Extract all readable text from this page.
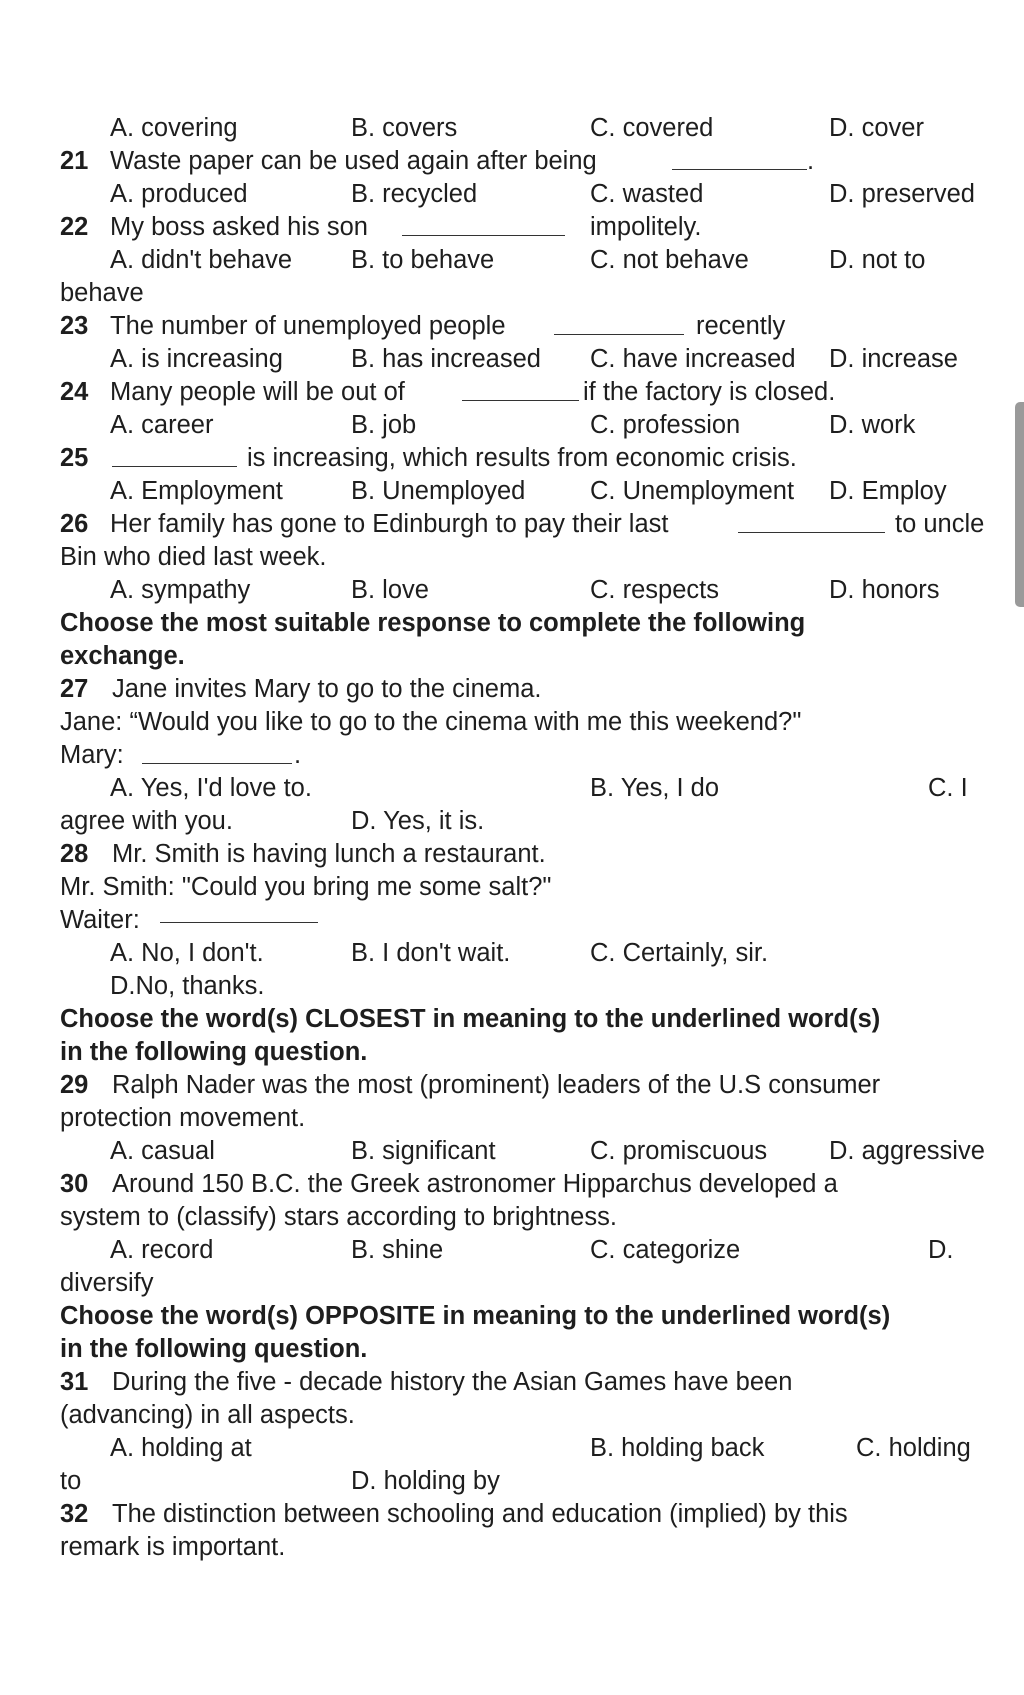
A. covering	B. covers	C. covered	D. cover
21 Waste paper can be used again after being	.
A. produced	B. recycled	C. wasted	D. preserved
22 My boss asked his son	impolitely.
A. didn't behave B. to behave	C. not behave	D. not to
behave
23 The number of unemployed people	recently
A. is increasing	B. has increased C. have increased D. increase
24 Many people will be out of	if the factory is closed.
A. career	B. job	C. profession	D. work
25	is increasing, which results from economic crisis.
A. Employment	B. Unemployed	C. Unemployment D. Employ
26 Her family has gone to Edinburgh to pay their last	to uncle
Bin who died last week.
A. sympathy	B. love	C. respects	D. honors
Choose the most suitable response to complete the following
exchange.
27 Jane invites Mary to go to the cinema.
Jane: “Would you like to go to the cinema with me this weekend?"
Mary:	.
A. Yes, I'd love to.	B. Yes, I do	C. I
agree with you.	D. Yes, it is.
28 Mr. Smith is having lunch a restaurant.
Mr. Smith: "Could you bring me some salt?"
Waiter:
A. No, I don't.	B. I don't wait.	C. Certainly, sir.
D.No, thanks.
Choose the word(s) CLOSEST in meaning to the underlined word(s)
in the following question.
29 Ralph Nader was the most (prominent) leaders of the U.S consumer
protection movement.
A. casual	B. significant	C. promiscuous D. aggressive
30 Around 150 B.C. the Greek astronomer Hipparchus developed a
system to (classify) stars according to brightness.
A. record	B. shine	C. categorize	D.
diversify
Choose the word(s) OPPOSITE in meaning to the underlined word(s)
in the following question.
31 During the five - decade history the Asian Games have been
(advancing) in all aspects.
A. holding at	B. holding back	C. holding
to	D. holding by
32 The distinction between schooling and education (implied) by this
remark is important.
